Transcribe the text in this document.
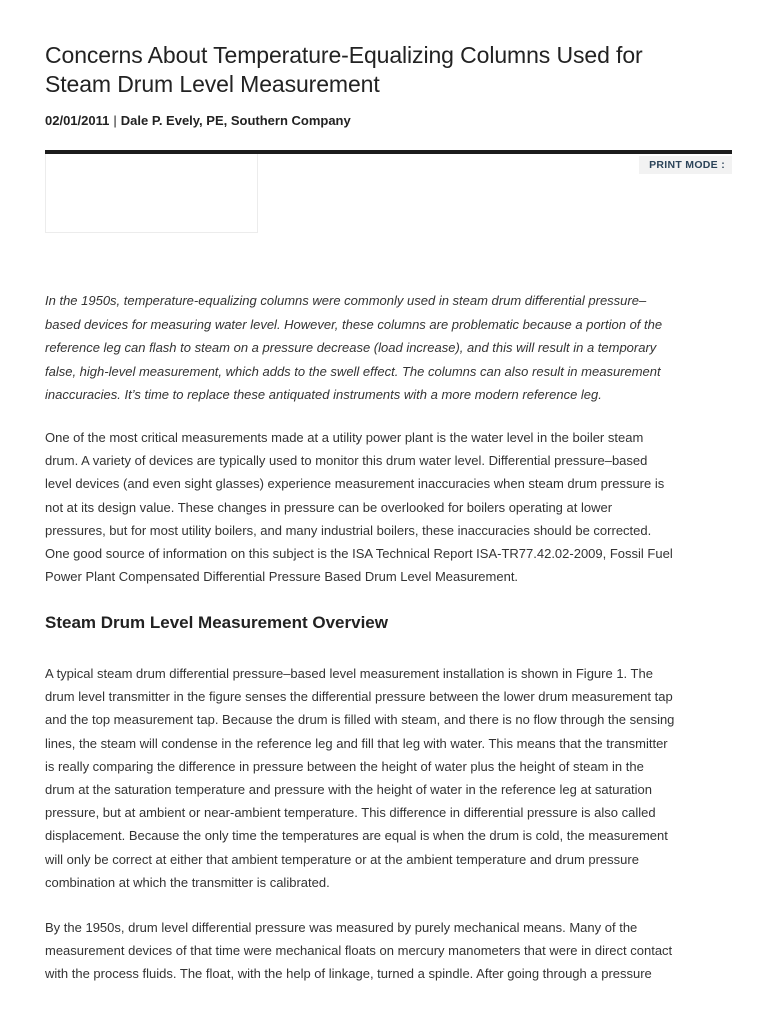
Concerns About Temperature-Equalizing Columns Used for
Steam Drum Level Measurement
02/01/2011 | Dale P. Evely, PE, Southern Company
PRINT MODE :

In the 1950s, temperature-equalizing columns were commonly used in steam drum differential pressure–
based devices for measuring water level. However, these columns are problematic because a portion of the
reference leg can flash to steam on a pressure decrease (load increase), and this will result in a temporary
false, high-level measurement, which adds to the swell effect. The columns can also result in measurement
inaccuracies. It’s time to replace these antiquated instruments with a more modern reference leg.

One of the most critical measurements made at a utility power plant is the water level in the boiler steam
drum. A variety of devices are typically used to monitor this drum water level. Differential pressure–based
level devices (and even sight glasses) experience measurement inaccuracies when steam drum pressure is
not at its design value. These changes in pressure can be overlooked for boilers operating at lower
pressures, but for most utility boilers, and many industrial boilers, these inaccuracies should be corrected.
One good source of information on this subject is the ISA Technical Report ISA-TR77.42.02-2009, Fossil Fuel
Power Plant Compensated Differential Pressure Based Drum Level Measurement.

Steam Drum Level Measurement Overview

A typical steam drum differential pressure–based level measurement installation is shown in Figure 1. The
drum level transmitter in the figure senses the differential pressure between the lower drum measurement tap
and the top measurement tap. Because the drum is filled with steam, and there is no flow through the sensing
lines, the steam will condense in the reference leg and fill that leg with water. This means that the transmitter
is really comparing the difference in pressure between the height of water plus the height of steam in the
drum at the saturation temperature and pressure with the height of water in the reference leg at saturation
pressure, but at ambient or near-ambient temperature. This difference in differential pressure is also called
displacement. Because the only time the temperatures are equal is when the drum is cold, the measurement
will only be correct at either that ambient temperature or at the ambient temperature and drum pressure
combination at which the transmitter is calibrated.

By the 1950s, drum level differential pressure was measured by purely mechanical means. Many of the
measurement devices of that time were mechanical floats on mercury manometers that were in direct contact
with the process fluids. The float, with the help of linkage, turned a spindle. After going through a pressure
